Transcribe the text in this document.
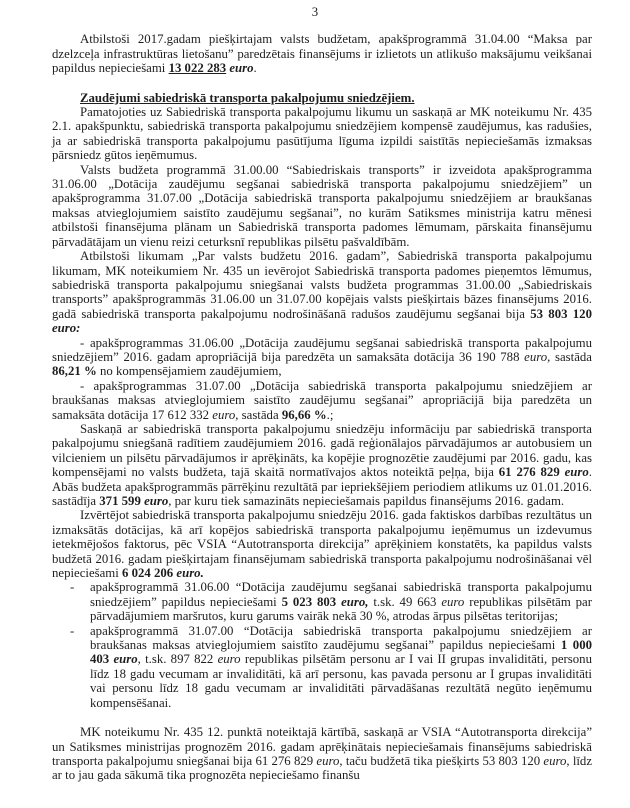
3
Atbilstoši 2017.gadam piešķirtajam valsts budžetam, apakšprogrammā 31.04.00 “Maksa par dzelzceļa infrastruktūras lietošanu” paredzētais finansējums ir izlietots un atlikušo maksājumu veikšanai papildus nepieciešami 13 022 283 euro.
Zaudējumi sabiedriskā transporta pakalpojumu sniedzējiem.
Pamatojoties uz Sabiedriskā transporta pakalpojumu likumu un saskaņā ar MK noteikumu Nr. 435 2.1. apakšpunktu, sabiedriskā transporta pakalpojumu sniedzējiem kompensē zaudējumus, kas radušies, ja ar sabiedriskā transporta pakalpojumu pasūtījuma līguma izpildi saistītās nepieciešamās izmaksas pārsniedz gūtos ieņēmumus.
Valsts budžeta programmā 31.00.00 “Sabiedriskais transports” ir izveidota apakšprogramma 31.06.00 „Dotācija zaudējumu segšanai sabiedriskā transporta pakalpojumu sniedzējiem” un apakšprogramma 31.07.00 „Dotācija sabiedriskā transporta pakalpojumu sniedzējiem ar braukšanas maksas atvieglojumiem saistīto zaudējumu segšanai”, no kurām Satiksmes ministrija katru mēnesi atbilstoši finansējuma plānam un Sabiedriskā transporta padomes lēmumam, pārskaita finansējumu pārvadātājam un vienu reizi ceturksnī republikas pilsētu pašvaldībām.
Atbilstoši likumam „Par valsts budžetu 2016. gadam”, Sabiedriskā transporta pakalpojumu likumam, MK noteikumiem Nr. 435 un ievērojot Sabiedriskā transporta padomes pieņemtos lēmumus, sabiedriskā transporta pakalpojumu sniegšanai valsts budžeta programmas 31.00.00 „Sabiedriskais transports” apakšprogrammās 31.06.00 un 31.07.00 kopējais valsts piešķirtais bāzes finansējums 2016. gadā sabiedriskā transporta pakalpojumu nodrošināšanā radušos zaudējumu segšanai bija 53 803 120 euro:
- apakšprogrammas 31.06.00 „Dotācija zaudējumu segšanai sabiedriskā transporta pakalpojumu sniedzējiem” 2016. gadam apropriācijā bija paredzēta un samaksāta dotācija 36 190 788 euro, sastāda 86,21 % no kompensējamiem zaudējumiem,
- apakšprogrammas 31.07.00 „Dotācija sabiedriskā transporta pakalpojumu sniedzējiem ar braukšanas maksas atvieglojumiem saistīto zaudējumu segšanai” apropriācijā bija paredzēta un samaksāta dotācija 17 612 332 euro, sastāda 96,66 %.;
Saskaņā ar sabiedriskā transporta pakalpojumu sniedzēju informāciju par sabiedriskā transporta pakalpojumu sniegšanā radītiem zaudējumiem 2016. gadā reģionālajos pārvadājumos ar autobusiem un vilcieniem un pilsētu pārvadājumos ir aprēķināts, ka kopējie prognozētie zaudējumi par 2016. gadu, kas kompensējami no valsts budžeta, tajā skaitā normatīvajos aktos noteiktā peļņa, bija 61 276 829 euro. Abās budžeta apakšprogrammās pārrēķinu rezultātā par iepriekšējiem periodiem atlikums uz 01.01.2016. sastādīja 371 599 euro, par kuru tiek samazināts nepieciešamais papildus finansējums 2016. gadam.
Izvērtējot sabiedriskā transporta pakalpojumu sniedzēju 2016. gada faktiskos darbības rezultātus un izmaksātās dotācijas, kā arī kopējos sabiedriskā transporta pakalpojumu ieņēmumus un izdevumus ietekmējošos faktorus, pēc VSIA “Autotransporta direkcija” aprēķiniem konstatēts, ka papildus valsts budžetā 2016. gadam piešķirtajam finansējumam sabiedriskā transporta pakalpojumu nodrošināšanai vēl nepieciešami 6 024 206 euro.
- apakšprogrammā 31.06.00 “Dotācija zaudējumu segšanai sabiedriskā transporta pakalpojumu sniedzējiem” papildus nepieciešami 5 023 803 euro, t.sk. 49 663 euro republikas pilsētām par pārvadājumiem maršrutos, kuru garums vairāk nekā 30 %, atrodas ārpus pilsētas teritorijas;
- apakšprogrammā 31.07.00 “Dotācija sabiedriskā transporta pakalpojumu sniedzējiem ar braukšanas maksas atvieglojumiem saistīto zaudējumu segšanai” papildus nepieciešami 1 000 403 euro, t.sk. 897 822 euro republikas pilsētām personu ar I vai II grupas invaliditāti, personu līdz 18 gadu vecumam ar invaliditāti, kā arī personu, kas pavada personu ar I grupas invaliditāti vai personu līdz 18 gadu vecumam ar invaliditāti pārvadāšanas rezultātā negūto ieņēmumu kompensēšanai.
MK noteikumu Nr. 435 12. punktā noteiktajā kārtībā, saskaņā ar VSIA “Autotransporta direkcija” un Satiksmes ministrijas prognozēm 2016. gadam aprēķinātais nepieciešamais finansējums sabiedriskā transporta pakalpojumu sniegšanai bija 61 276 829 euro, taču budžetā tika piešķirts 53 803 120 euro, līdz ar to jau gada sākumā tika prognozēta nepieciešamo finanšu
